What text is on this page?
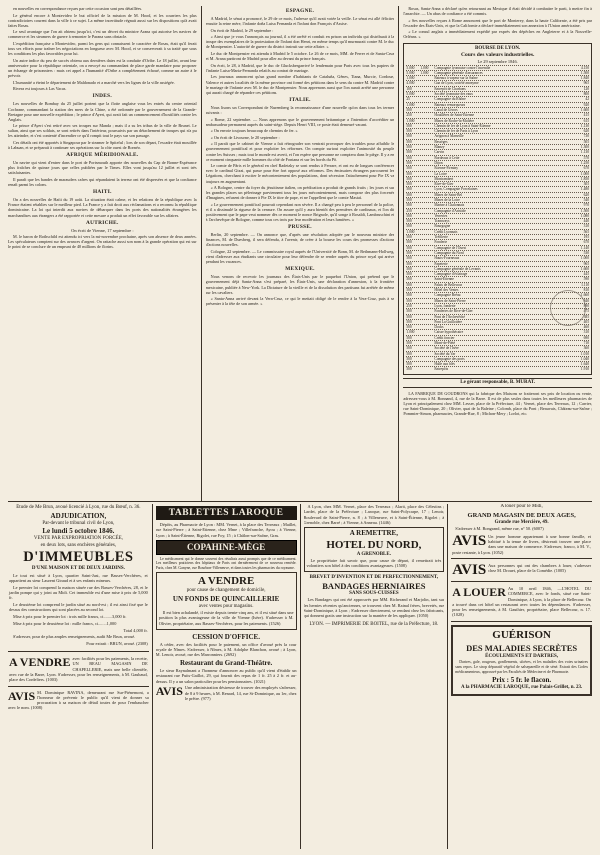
en nouvelles en correspondance reçues par cette occasion sont peu détaillées.

Le général encore à Montevideo le but officiel de la mission de M. Hood, et les courriers les plus contradictoires courent dans la ville à ce sujet. La même incertitude régnait aussi sur les dispositions qu'à avait faites Rosas.

Le seul avantage que l'on ait obtenu jusqu'ici, c'est un décret du ministre Arana qui autorise les navires de commerce et les steamers de guerre à remonter le Parana sans obstacle.

L'expédition française a Montevideo, parmi les gens qui connaissent le caractère de Rosas, était qu'il ferait tous ses efforts pour traîner les négociations en longueur avec M. Hood, et se conserverait à sa traité que sous les conditions les plus favorables pour lui.

Un autre indice du peu de succès obtenu aux dernières dates est la conduite d'Oribe. Le 18 juillet, avant leur anniversaire pour la république orientale, on a envoyé au commandant de place garde mandaire pour proposer un échange de prisonniers : mais cet appel a l'humanité d'Oribe a complètement échoué, comme un autre à le prévoir.

L'humanité a éteint le département de Maldonado et a marché vers les lignes de la ville assiégée.

Rivera est toujours à Las Vacas.

INDES.

Les nouvelles de Bombay du 25 juillet portent que la flotte anglaise vous les entrés du centre oriental Cochrane, commandant la station des mers de la Chine, a été ordonnée par le gouvernement de la Grande-Bretagne pour une nouvelle expédition ; le prince d'Ayeri, qui avait fait un commencement d'hostilités contre les Anglais.

Le prince d'Ayeri s'est retiré avec ses troupes sur Manda ; mais il a su les tribus de la ville de Brunei. Le sultan, ainsi que ses soldats, se sont retirés dans l'intérieur, poursuivis par un détachement de troupes qui n'a pu les atteindre, et s'est contenté d'incendier ce qu'il rompit tout le pays sur son passage.

Ces détails ont été apportés à Singapour par le steamer le Spiteful ; lors de son départ, l'escadre était mouillée à Labuan, et se préparait à continuer ses opérations sur la côte ouest de Bornéo.

AFRIQUE MÉRIDIONALE.

Un navire qui vient d'entrer dans le port de Portsmouth apporte des nouvelles du Cap de Bonne-Espérance plus fraîches de quinze jours que celles publiées par le Times. Elles vont jusqu'au 12 juillet et sont très satisfaisantes.

Il paraît que les bandes de marauders cafres qui répandaient la terreur ont été dispersées et que la confiance renaît parmi les colons.

HAITI.

On a des nouvelles de Haïti du 19 août. La situation était calme, et les relations de la république avec la France étaient rétablies sur le meilleur pied. La France y a fait droit aux réclamations et a reconnu la république dominicaine. La loi qui interdit aux navires de débarquer dans les ports des nationalités étrangères les marchandises aux étrangers a été rapportée et cette mesure a produit un effet favorable sur les affaires.

AUTRICHE.
On écrit de Vienne, 17 septembre :

M. le baron de Rothschild est attendu ici vers la mi-novembre prochaine, après son absence de deux années. Les spéculateurs comptent sur des avances d'argent. On rattache aussi son nom à la grande opération qui est sur le point de se conclure de un emprunt de 40 millions de florins.

ESPAGNE.

A Madrid, le sénat a prononcé, le 29 de ce mois, l'adresse qu'il avait votée la veille. Le sénat est allé féliciter ensuite la reine mère, l'infante doña Luisa Fernanda et l'infant don François d'Assise.

On écrit de Madrid, le 29 septembre :

« Ainsi que je vous l'annonçais au journal, il a été arrêté et conduit en prison un individu qui distribuait à la troupe des exemplaires de la protestation de l'infant don Henri, en même temps qu'il murmurait contre M. le duc de Montpensier. L'autorité de guerre du district instruit sur cette affaire. »

Le duc de Montpensier est attendu à Madrid le 5 octobre. Le 26 de ce mois, MM. de Ferrer et de Santa-Cruz et M. Arana partiront de Madrid pour aller au devant du prince français.

On écrit, le 28, à Madrid, que le duc de Glucksbergarrivé le lendemain pour Paris avec tous les papiers de l'infante Luisa-Maria-Fernanda relatifs au contrat de mariage.

Les journaux annoncent qu'un grand nombre d'habitants de Cataluña, Gênes, Tiana, Murcie, Cordoue, Valence et autres localités de la même province ont formé des pétitions dans le sens du contre M. Madrid contre le mariage de l'infante avec M. le duc de Montpensier. Nous apprenons aussi que l'on aurait arrêté une personne qui aurait chargé de répandre ces pétitions.

ITALIE.

Nous lisons un Correspondant de Nuremberg la reconnaissance d'une nouvelle qu'on dans tous les termes suivants :

« Rome, 22 septembre. — Nous apprenons que le gouvernement britannique a l'intention d'accréditer un ambassadeur permanent auprès du saint-siège. Depuis Henri VIII, ce poste était demeuré vacant.

« On envoie toujours beaucoup de chemins de fer. »

« On écrit de Livourne, le 20 septembre :

« Il paraît que le cabinet de Vienne a fait rétrograder son ventrait provoquer des troubles pour affaiblir le gouvernement pontifical et pour exploiter les réformes. On compte surtout exploiter l'animosité du peuple contre les Suisses ; mais tout le monde est averti, et l'on espère que personne ne comptera dans le piège. Il y a en ce moment cinquante mille hommes du côté de Fontana et sur les bords du Pô.

Le comte de Pâris et le général en chef Radetzky se sont rendus à Ferrare, et ont eu de longues conférences avec le cardinal Gizzi, qui passe pour être fort opposé aux réformes. Des émissaires étrangers parcourent les Légations, cherchant à exciter le mécontentement des populations, dont sécession l'attachement pour Pie IX va toujours en augmentant.

« A Bologne, centre du foyer du jésuitisme italien, on prédication a produit de grands fruits ; les jours et sur les grandes places un pèlerinage parviennent tous les jours mécontentement, mais compose des plus forcenés d'Imagines, refusent de donner à Pie IX le titre de pape, et ne l'appellent que le comte Mastaï.

« Le gouvernement pontifical pourrait cependant non sévère. Il a changé peu à peu le personnel de la police, et il a dissimulé la rigueur de la censure. On assure qu'il y aura bientôt des premières de cardinaux, et l'on dit positivement que le pape veut nommer dès ce moment le nonce Brignole, qu'il songe à Rosaldi, Lambruschini et à l'archevêque de Bologne, comme tous ces trois par leur modération et leurs lumières. »

PRUSSE.

Berlin, 20 septembre. — On annonce que, d'après une résolution adoptée par le nouveau ministre des finances, M. de Duesberg, il sera défendu, à l'avenir, de créer à la bourse les cours des promesses d'actions d'actions nouvelles.

Cologne, 22 septembre. — Le commissaire royal auprès de l'Université de Bonn, M. de Bethmann-Hollweg, vient d'adresser aux étudiants une circulaire pour leur défendre de se rendre auprès du prince royal qui arrive pendant les vacances.

MEXIQUE.

Nous venons de recevoir les journaux des États-Unis par le paquebot l'Union, qui prétend que le gouvernement déjà Santa-Anna s'est préparé, les États-Unis, une déclaration d'annexion, à la frontière mexicaine, publiée à New-York. La Dictature de la vieille et de la dissolution des partisans fut arrêtée de même sur les cavaliers.

« Santa-Anna arrivé devant la Vera-Cruz, ce qui le mettait obligé de le rendre à la Vera-Cruz, puis à se présenter à la tête de son armée. »

Rosas, Santa-Anna a déclaré qu'en retournant au Mexique il était décidé à combattre le parti, à mettre fin à l'anarchie. — Un abus de confiance a été commis.

« Ses nouvelles reçues à Rome annoncent que le port de Monterey, dans la haute Californie, a été pris par l'escadre des États-Unis, et que la Californie a déclaré immédiatement son annexion à l'Union américaine.

« Le consul anglais a immédiatement expédié par exprès des dépêches en Angleterre et à la Nouvelle-Orléans. »

BOURSE DE LYON.
Cours des valeurs industrielles.
Le 29 septembre 1846.
5.000	1.000	Compagnie lyonnaise contre l'incendie	4.150
5.000	1.000	Compagnie générale d'assurances	1.500
1.000	Bateaux à vapeur sur la Saône	1.840
4.000	Gaz de Lyon, société anonyme	965
100	Entrepôt de Charbons	120
5.000	Société lyonnaise des eaux	800
25	Compagnie du Rhône	42
1.000	Bateaux remorqueurs	920
500	Canal de Givors	1.600
250	Houillères de Saint-Étienne	415
1.000	Mines de Roche-la-Molière	615
500	Chemin de fer de Lyon à Saint-Étienne	1.130
500	Chemin de fer de Paris à Lyon	620
500	Avignon à Marseille	730
500	Bessèges	505
500	Blanzy	1.300
500	Carvin	1.130
500	Bordeaux à Cette	570
500	Dijon	1.250
500	Étienne-Firminy	670
500	La Loire	1.000
500	Montrambert	1.850
500	Rive-de-Gier	305
500	Lyon, Compagnie Porcelaines	1.480
500	Mines de Saint-Bel	620
500	Mines de la Loire	540
500	Marine à Chalonnais	970
250	Compagnie d'Aristide	1.500
500	Verreries	1.080
500	Tramways	440
500	Bourgogne	310
1.000	Crédit Lyonnais	565
500	Tréfilerie	195
500	Fonderie	670
500	Compagnie de l'Ouest	1.140
500	Compagnie du Nord	530
500	Hauts-Fourneaux	1.000
500	Papeterie	965
500	Compagnie générale de Levants	1.600
500	Compagnie d'éclairage	445
500	Saint-Étienne	590
500	Palais de Bellecour	1.110
500	Hôtel des Ventes	810
500	Compagnie Bréau	1.660
500	Mines de Saint-Pierre	840
250	Lyon, fonderie	890
500	Fonderies de Rive-de-Gier	475
500	Pont de l'Archevêché	385
500	Pont La Guillotière	405
500	Docks	460
1.000	Caisse hypothécaire	310
500	Crédit foncier	690
500	Mont-de-Piété	710
500	Société de l'Isère	360
500	Société du Var	1.010
500	Compagnie des ports	1.040
500	Halle aux blés	1.640
500	Entrepôts	1.910
Le gérant responsable, B. MURAT.

LA FABRIQUE DE GOUDRONS qui la fabrique des Maisons se fraiteront ses prix de location ou vente, adressez-vous à M. Bonnand, 4, rue de la Barre. Il est de plus seules dans toutes les meilleures pharmacies de Lyon et principalement chez MM. Lesser, place de la Préfecture, 44 ; Vernet, place des Terreaux, 12 ; Carrier, rue Saint-Dominique, 20 ; Olivier, quai de la Baleine ; Colomb, place du Pont ; Beauvais, Château-sur-Saône ; Pommier-Simon, pharmacies, Grande-Rue, 8 ; Michon-Mery ; Lorlot, etc.

✶
Étude de Me Brun, avoué licencié à Lyon, rue du Bœuf, n. 36.
ADJUDICATION,
Par-devant le tribunal civil de Lyon,
Le lundi 5 octobre 1846.
VENTE PAR EXPROPRIATION FORCÉE,
en deux lots, sans enchères générales,
D'IMMEUBLES
D'UNE MAISON ET DE DEUX JARDINS.

Le tout est situé à Lyon, quartier Saint-Just, rue Basses-Verchères, et appartient au sieur Laurent Giraud et à ses enfants mineurs.

Le premier lot comprend la maison située rue des Basses-Verchères, 28, et le jardin pompe qui y joint au Midi. Cet immeuble est d'une mise à prix de 5,000 fr.

Le deuxième lot comprend le jardin situé au nord-est ; il est ainsi fixé que le dessus des constructions qui sont placées au second lot.

Mise à prix pour le premier lot : trois mille francs, ci........3,000 fr.

Mise à prix pour le deuxième lot : mille francs, ci........1,000

Total 4,000 fr.

S'adresser, pour de plus amples renseignements, audit Me Brun, avoué.

Pour extrait : BRUN, avoué. (2308)

A VENDRE avec facilités pour les paiements, la recette, UN BEAU MAGASIN DE CHAPELLERIE, mais une belle clientèle, avec rue de la Barre, Lyon. S'adresser, pour les renseignements, à M. Gaubaud, place des Cordeliers. (1003)
AVIS M. Dominique RAVINA, demeurant rue Sur-Piénemont, a l'honneur de prévenir le public qu'il vient de donner sa procuration à sa maison de détail toutes de pour l'embaucher avec le nom. (1008)
TABLETTES LAROQUE

Dépôts, au Pharmacie de Lyon : MM. Vernet, à la place des Terreaux ; Maillet, rue Saint-Pierre ; à Saint-Etienne, chez Mme ; Villefranche, Ayou ; à Vienne, Lyon ; à Saint-Étienne, Rigolet, rue Foy, 15 ; à Châlon-sur-Saône, Gras.

COPAHINE-MÈGE

Le médicament qui le donne souvent des résultats aussi prompts que de ce médicament. Les meilleurs praticiens des hôpitaux de Paris ont dernièrement de ce nouveau remède. Paris, chez M. Ganyne, rue Bourbon-Villeneuve, et dans toutes les pharmacies du royaume.

A VENDRE
pour cause de changement de domicile,
UN FONDS DE QUINCAILLERIE
avec ventes pour magasins.

Il est bien achalandé, il existe depuis trente-cinq ans, et il est situé dans une position la plus avantageuse de la ville de Vienne (Isère). S'adresser à M. Olivier, propriétaire, aux Basses-Verchères, pour les paiements. (1526)

CESSION D'OFFICE.

A céder, avec des facilités pour le paiement, un office d'avoué près la cour royale de Nîmes. S'adresser, à Nîmes, à M. Adolphe Blanchon, avoué ; à Lyon, M. Lenoir, avoué, rue des Marronniers. (2692)

Restaurant du Grand-Théâtre.

Le sieur Raynalmant a l'honneur d'annoncer au public qu'il vient d'établir un restaurant rue Puits-Gaillot, 29, qui fournit des repas de 1 fr. 25 à 2 fr. et au-dessus. Il y a un salon particulier pour les pensionnaires. (1021)

AVIS Une administration désireuse de trouver des employés s'adresser, de 8 à 9 heures, à M. Renard, 14, rue St-Dominique, au 1er, chez le prêtre. (977)

A Lyon, chez MM. Vernet, place des Terreaux ; Alarit, place des Célestins ; Lardet, place de la Préfecture ; Laroque, rue Saint-Polycarpe, 17 ; Lenoir, Boulevard de Saint-Pierre, n. 8 ; à Villeneuve, et à Saint-Étienne, Rigolet ; à Grenoble, chez Barré ; à Vienne, à Anneau. (1446)

A REMETTRE,
HOTEL DU NORD,
A GRENOBLE.

Le propriétaire fait savoir que, pour cause de départ, il remettrait très volontiers son hôtel à des conditions avantageuses. (1508)

BREVET D'INVENTION ET DE PERFECTIONNEMENT,
BANDAGES HERNIAIRES
SANS SOUS-CUISSES

Les Bandages qui ont été approuvés par MM. Richerand et Marjolin, tant sur les hernies récentes qu'anciennes, se trouvent chez M. Rainal frères, brevetés, rue Saint-Dominique, à Lyon ; S'adresser directement, se rendant chez les fabricants, qui donnent gratis une instruction sur la manière de les appliquer. (1050)

LYON. — IMPRIMERIE DE BOITEL, rue de la Préfecture, 18.
A louer pour le Midi,
GRAND MAGASIN DE DEUX AGES,
Grande rue Mercière, 49.

S'adresser à M. Bongrand, même rue, n° 50. (6007)

AVIS Un jeune homme appartenant à une bonne famille, et habitué à la tenue de livres, désirerait trouver une place dans une maison de commerce. S'adresser, franco, à M. V., poste restante, à Lyon. (1052)
AVIS Aux personnes qui ont des chambres à louer, s'adresser chez M. Drouet, place de la Comédie. (1005)
A LOUER Au 10 avril 1846, —L'HOTEL DU COMMERCE, avec le fonds, situé rue Saint-Dominique, à Lyon, à la place de Bellecour. On a trouvé dans cet hôtel un restaurant avec toutes les dépendances. S'adresser, pour les renseignements, à M. Gauthier, propriétaire, place Bellecour, n. 17. (1028)
GUÉRISON
DES MALADIES SECRÈTES
ÉCOULEMENTS ET DARTRES,

Dartres, gale, rougeurs, gonflements, ulcères, et les maladies des voies urinaires sans repos. Le sirop dépuratif végétal de salsepareille et de séné. Extrait des Codex médicamenteux, approuvé par les Facultés de Médecine et de Pharmacie.

Prix : 5 fr. le flacon.
A la PHARMACIE LAROQUE, rue Palais-Grillet, n. 23.
